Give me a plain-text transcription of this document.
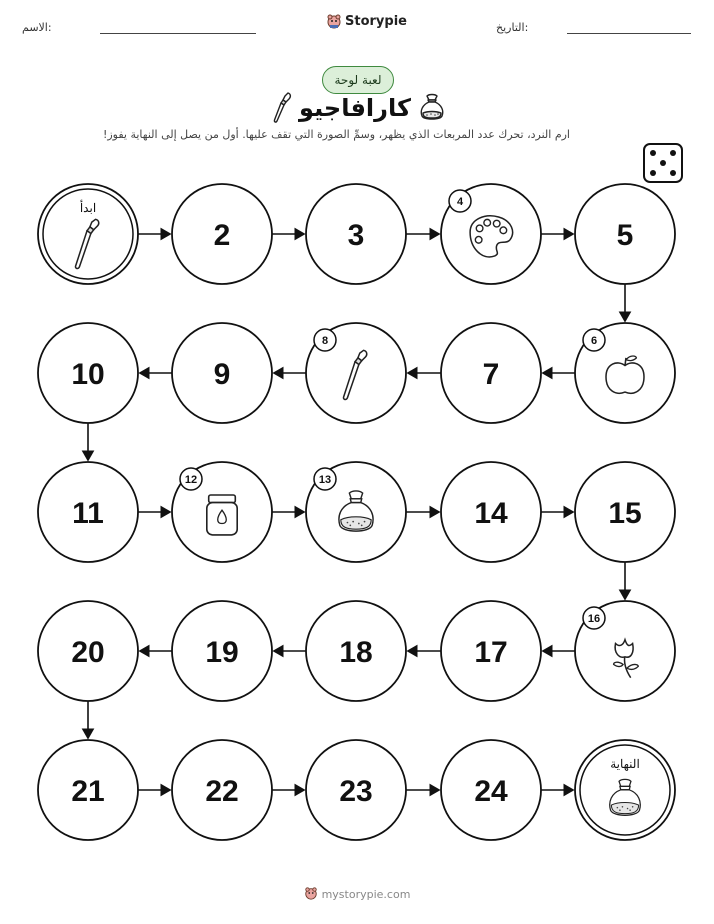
الاسم:	Storypie	التاريخ:
لعبة لوحة
كارافاجيو
ارم النرد، تحرك عدد المربعات الذي يظهر، وسمِّ الصورة التي تقف عليها. أول من يصل إلى النهاية يفوز!
ابدأ
2	3
4
5
6
7
8
9
10
11
12	13
14	15
16
17
18
19
20
21	22	23	24
النهاية
mystorypie.com
